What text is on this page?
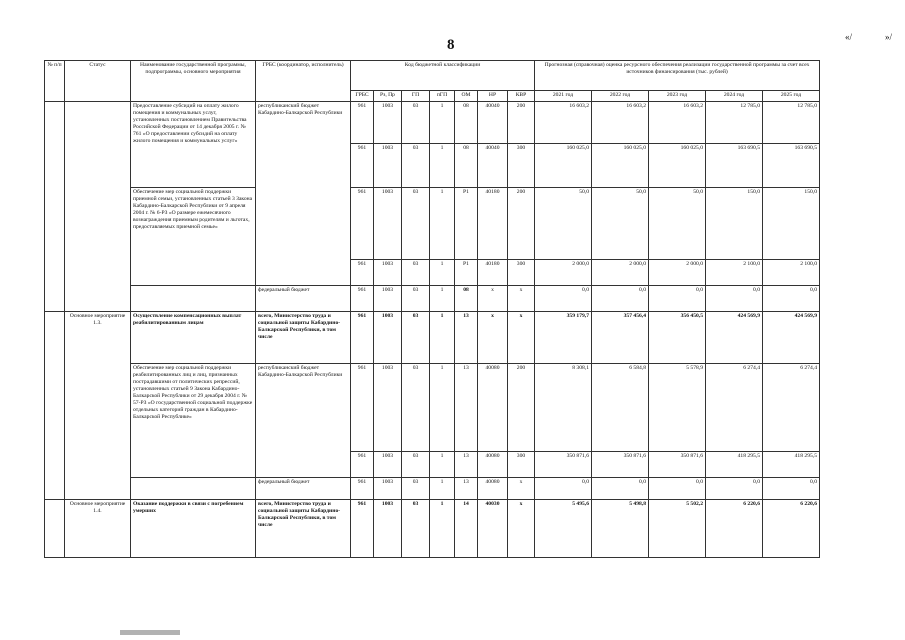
8	«/	»/
№ п/п	Статус	Наименование государственной программы, подпрограммы, основного мероприятия	ГРБС (координатор, исполнитель)	Код бюджетной классификации							Прогнозная (справочная) оценка ресурсного обеспечения реализации государственной программы за счет всех источников финансирования (тыс. рублей)				
				ГРБС	Рз, Пр	ГП	пГП	ОМ	НР	КВР	2021 год	2022 год	2023 год	2024 год	2025 год
		Предоставление субсидий на оплату жилого помещения и коммунальных услуг, установленных постановлением Правительства Российской Федерации от 14 декабря 2005 г. № 761 «О предоставлении субсидий на оплату жилого помещения и коммунальных услуг»	республиканский бюджет Кабардино-Балкарской Республики	961	1003	03	1	08	40040	200	16 603,2	16 603,2	16 603,2	12 785,0	12 785,0
				961	1003	03	1	08	40040	300	160 025,0	160 025,0	160 025,0	163 690,5	163 690,5
		Обеспечение мер социальной поддержки приемной семьи, установленных статьей 3 Закона Кабардино-Балкарской Республики от 9 апреля 2004 г. № 6-РЗ «О размере ежемесячного вознаграждения приемным родителям и льготах, предоставляемых приемной семье»		961	1003	03	1	Р1	40180	200	50,0	50,0	50,0	150,0	150,0
				961	1003	03	1	Р1	40180	300	2 000,0	2 000,0	2 000,0	2 100,0	2 100,0
			федеральный бюджет	961	1003	03	1	08	х	х	0,0	0,0	0,0	0,0	0,0
	Основное мероприятие 1.3.	Осуществление компенсационных выплат реабилитированным лицам	всего, Министерство труда и социальной защиты Кабардино-Балкарской Республики, в том числе	961	1003	03	1	13	х	х	359 179,7	357 456,4	356 450,5	424 569,9	424 569,9
		Обеспечение мер социальной поддержки реабилитированных лиц и лиц, признанных пострадавшими от политических репрессий, установленных статьей 9 Закона Кабардино-Балкарской Республики от 29 декабря 2004 г. № 57-РЗ «О государственной социальной поддержке отдельных категорий граждан в Кабардино-Балкарской Республике»	республиканский бюджет Кабардино-Балкарской Республики	961	1003	03	1	13	40080	200	8 308,1	6 584,8	5 578,9	6 274,4	6 274,4
				961	1003	03	1	13	40080	300	350 871,6	350 871,6	350 871,6	418 295,5	418 295,5
			федеральный бюджет	961	1003	03	1	13	40080	х	0,0	0,0	0,0	0,0	0,0
	Основное мероприятие 1.4.	Оказание поддержки в связи с погребением умерших	всего, Министерство труда и социальной защиты Кабардино-Балкарской Республики, в том числе	961	1003	03	1	14	40030	х	5 495,6	5 498,8	5 502,2	6 220,6	6 220,6
